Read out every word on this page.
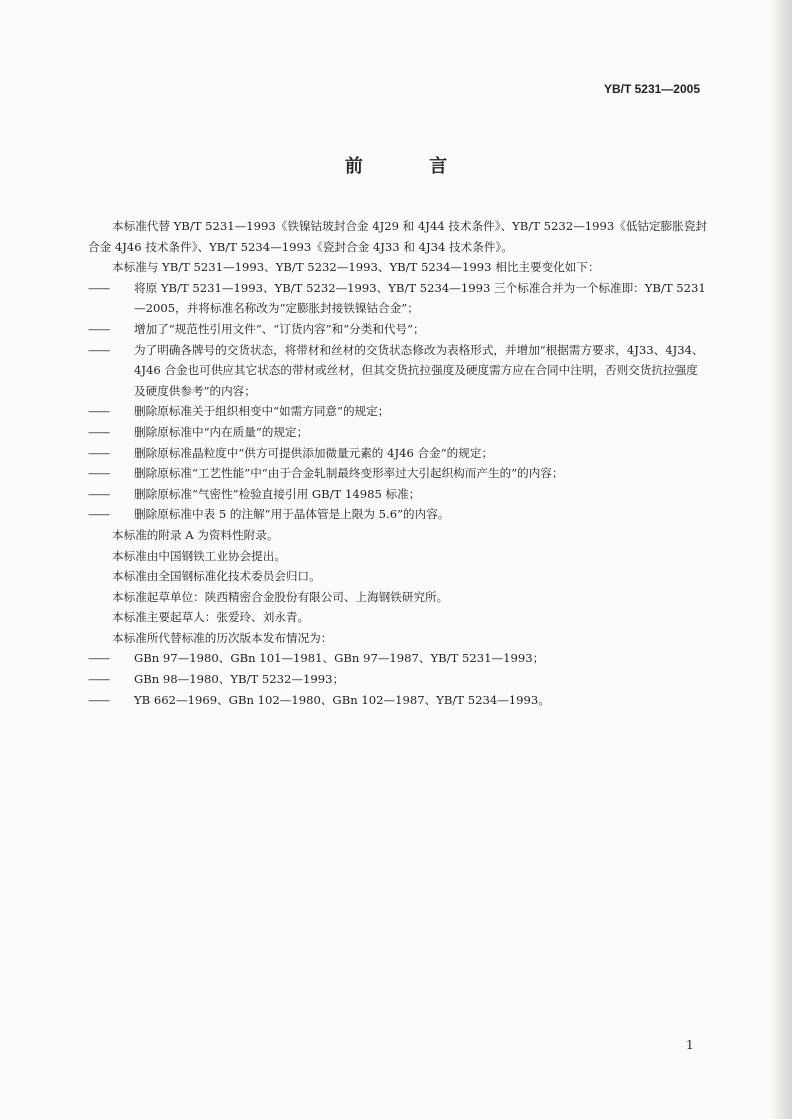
YB/T 5231—2005
前 言

本标准代替 YB/T 5231—1993《铁镍钴玻封合金 4J29 和 4J44 技术条件》、YB/T 5232—1993《低钴定膨胀瓷封合金 4J46 技术条件》、YB/T 5234—1993《瓷封合金 4J33 和 4J34 技术条件》。

本标准与 YB/T 5231—1993、YB/T 5232—1993、YB/T 5234—1993 相比主要变化如下：

—— 将原 YB/T 5231—1993、YB/T 5232—1993、YB/T 5234—1993 三个标准合并为一个标准即：YB/T 5231—2005，并将标准名称改为“定膨胀封接铁镍钴合金”；

—— 增加了“规范性引用文件”、“订货内容”和“分类和代号”；

—— 为了明确各牌号的交货状态，将带材和丝材的交货状态修改为表格形式，并增加“根据需方要求，4J33、4J34、4J46 合金也可供应其它状态的带材或丝材，但其交货抗拉强度及硬度需方应在合同中注明，否则交货抗拉强度及硬度供参考”的内容；

—— 删除原标准关于组织相变中“如需方同意”的规定；

—— 删除原标准中“内在质量”的规定；

—— 删除原标准晶粒度中“供方可提供添加微量元素的 4J46 合金”的规定；

—— 删除原标准“工艺性能”中“由于合金轧制最终变形率过大引起织构而产生的”的内容；

—— 删除原标准“气密性”检验直接引用 GB/T 14985 标准；

—— 删除原标准中表 5 的注解“用于晶体管是上限为 5.6”的内容。

本标准的附录 A 为资料性附录。

本标准由中国钢铁工业协会提出。

本标准由全国钢标准化技术委员会归口。

本标准起草单位：陕西精密合金股份有限公司、上海钢铁研究所。

本标准主要起草人：张爱玲、刘永青。

本标准所代替标准的历次版本发布情况为：

—— GBn 97—1980、GBn 101—1981、GBn 97—1987、YB/T 5231—1993；

—— GBn 98—1980、YB/T 5232—1993；

—— YB 662—1969、GBn 102—1980、GBn 102—1987、YB/T 5234—1993。

1
